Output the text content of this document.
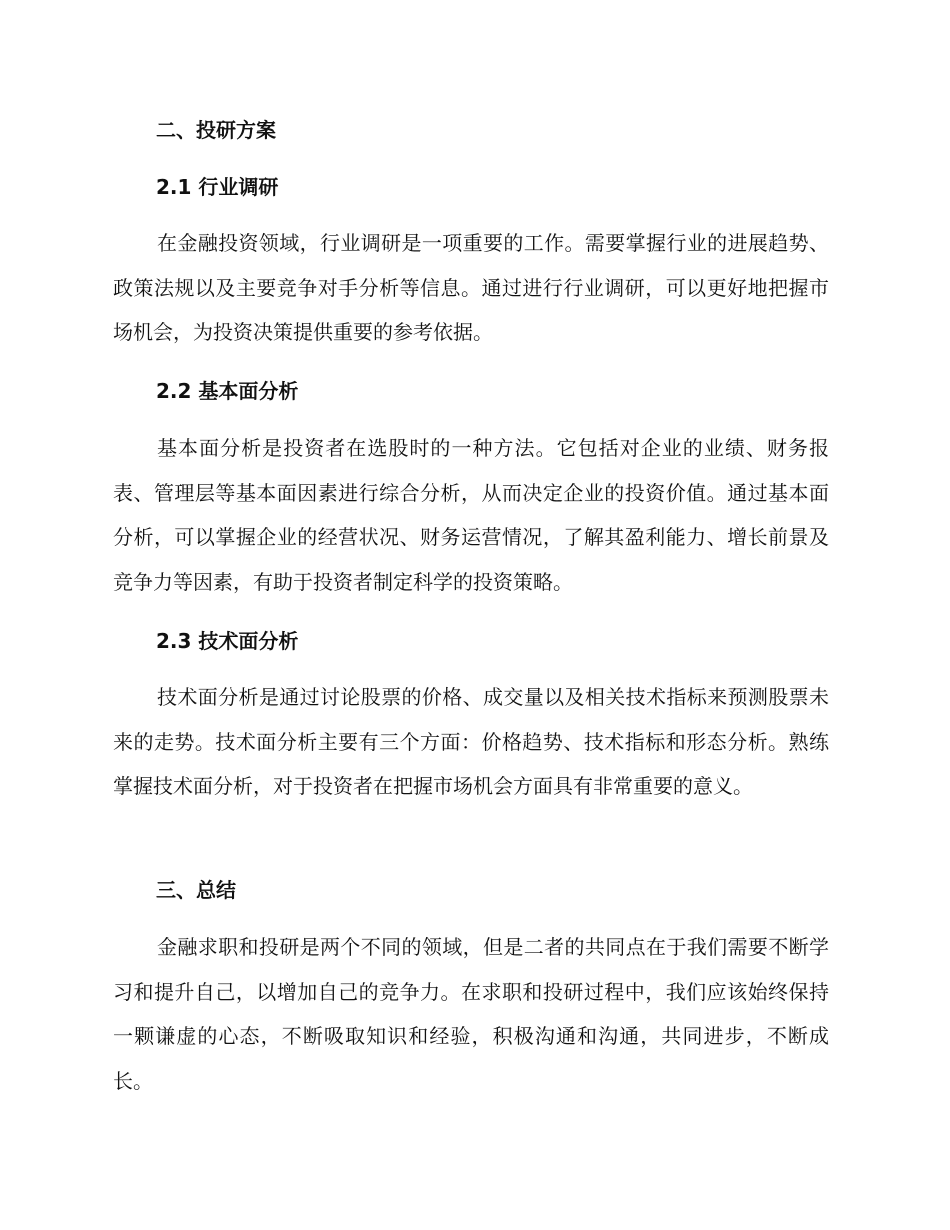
二、投研方案
2.1 行业调研
在金融投资领域，行业调研是一项重要的工作。需要掌握行业的进展趋势、政策法规以及主要竞争对手分析等信息。通过进行行业调研，可以更好地把握市场机会，为投资决策提供重要的参考依据。
2.2 基本面分析
基本面分析是投资者在选股时的一种方法。它包括对企业的业绩、财务报表、管理层等基本面因素进行综合分析，从而决定企业的投资价值。通过基本面分析，可以掌握企业的经营状况、财务运营情况，了解其盈利能力、增长前景及竞争力等因素，有助于投资者制定科学的投资策略。
2.3 技术面分析
技术面分析是通过讨论股票的价格、成交量以及相关技术指标来预测股票未来的走势。技术面分析主要有三个方面：价格趋势、技术指标和形态分析。熟练掌握技术面分析，对于投资者在把握市场机会方面具有非常重要的意义。
三、总结
金融求职和投研是两个不同的领域，但是二者的共同点在于我们需要不断学习和提升自己，以增加自己的竞争力。在求职和投研过程中，我们应该始终保持一颗谦虚的心态，不断吸取知识和经验，积极沟通和沟通，共同进步，不断成长。
